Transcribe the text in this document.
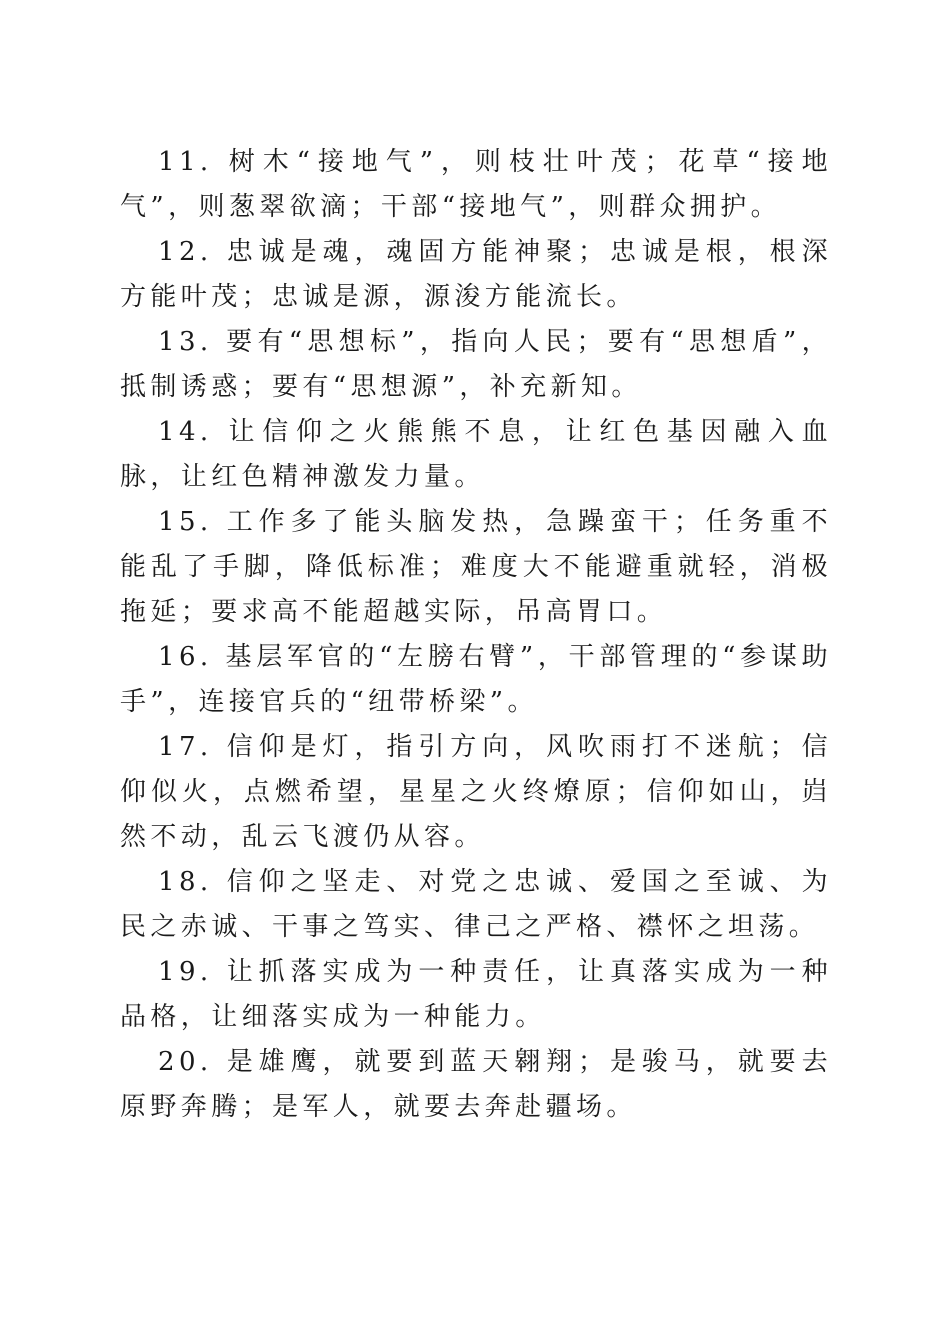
11. 树木“接地气”，则枝壮叶茂；花草“接地气”，则葱翠欲滴；干部“接地气”，则群众拥护。

12. 忠诚是魂，魂固方能神聚；忠诚是根，根深方能叶茂；忠诚是源，源浚方能流长。

13. 要有“思想标”，指向人民；要有“思想盾”，抵制诱惑；要有“思想源”，补充新知。

14. 让信仰之火熊熊不息，让红色基因融入血脉，让红色精神激发力量。

15. 工作多了能头脑发热，急躁蛮干；任务重不能乱了手脚，降低标准；难度大不能避重就轻，消极拖延；要求高不能超越实际，吊高胃口。

16. 基层军官的“左膀右臂”，干部管理的“参谋助手”，连接官兵的“纽带桥梁”。

17. 信仰是灯，指引方向，风吹雨打不迷航；信仰似火，点燃希望，星星之火终燎原；信仰如山，岿然不动，乱云飞渡仍从容。

18. 信仰之坚走、对党之忠诚、爱国之至诚、为民之赤诚、干事之笃实、律己之严格、襟怀之坦荡。

19. 让抓落实成为一种责任，让真落实成为一种品格，让细落实成为一种能力。

20. 是雄鹰，就要到蓝天翱翔；是骏马，就要去原野奔腾；是军人，就要去奔赴疆场。
